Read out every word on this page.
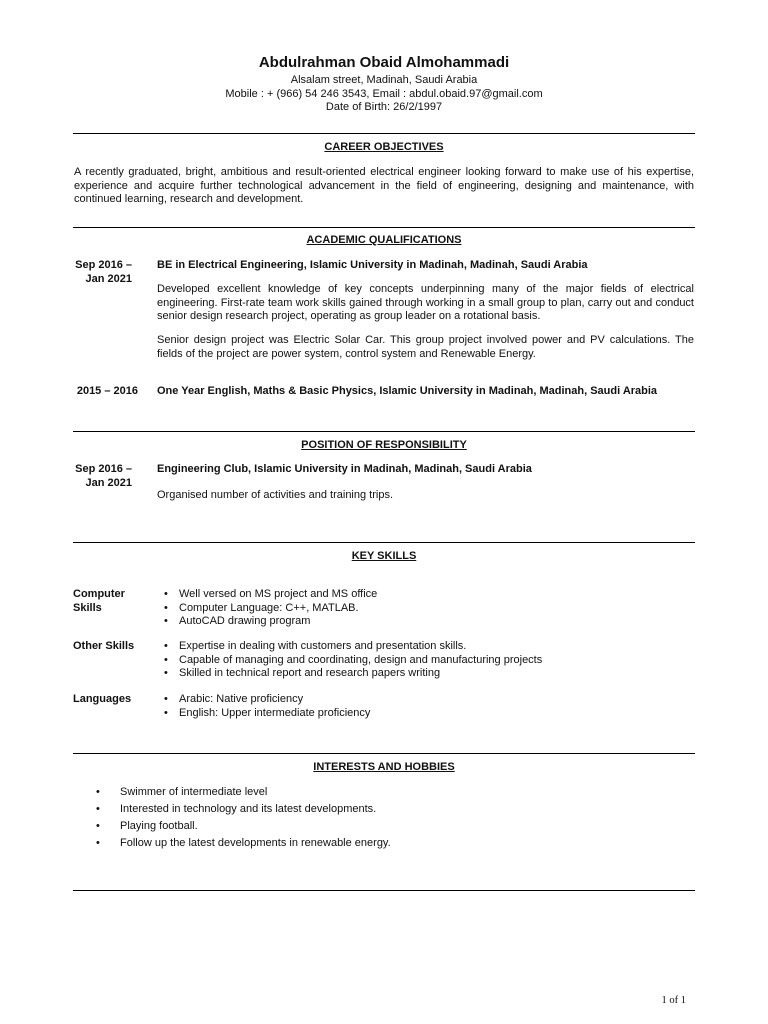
Abdulrahman Obaid Almohammadi
Alsalam street, Madinah, Saudi Arabia
Mobile : + (966) 54 246 3543, Email : abdul.obaid.97@gmail.com
Date of Birth: 26/2/1997
CAREER OBJECTIVES
A recently graduated, bright, ambitious and result-oriented electrical engineer looking forward to make use of his expertise, experience and acquire further technological advancement in the field of engineering, designing and maintenance, with continued learning, research and development.
ACADEMIC QUALIFICATIONS
Sep 2016 –
Jan 2021
BE in Electrical Engineering, Islamic University in Madinah, Madinah, Saudi Arabia
Developed excellent knowledge of key concepts underpinning many of the major fields of electrical engineering. First-rate team work skills gained through working in a small group to plan, carry out and conduct senior design research project, operating as group leader on a rotational basis.
Senior design project was Electric Solar Car. This group project involved power and PV calculations. The fields of the project are power system, control system and Renewable Energy.
2015 – 2016 One Year English, Maths & Basic Physics, Islamic University in Madinah, Madinah, Saudi Arabia
POSITION OF RESPONSIBILITY
Sep 2016 –
Jan 2021
Engineering Club, Islamic University in Madinah, Madinah, Saudi Arabia
Organised number of activities and training trips.
KEY SKILLS
Computer
Skills
• Well versed on MS project and MS office
• Computer Language: C++, MATLAB.
• AutoCAD drawing program
Other Skills	• Expertise in dealing with customers and presentation skills.
• Capable of managing and coordinating, design and manufacturing projects
• Skilled in technical report and research papers writing
Languages	• Arabic: Native proficiency
• English: Upper intermediate proficiency
INTERESTS AND HOBBIES
• Swimmer of intermediate level
• Interested in technology and its latest developments.
• Playing football.
• Follow up the latest developments in renewable energy.
1 of 1
